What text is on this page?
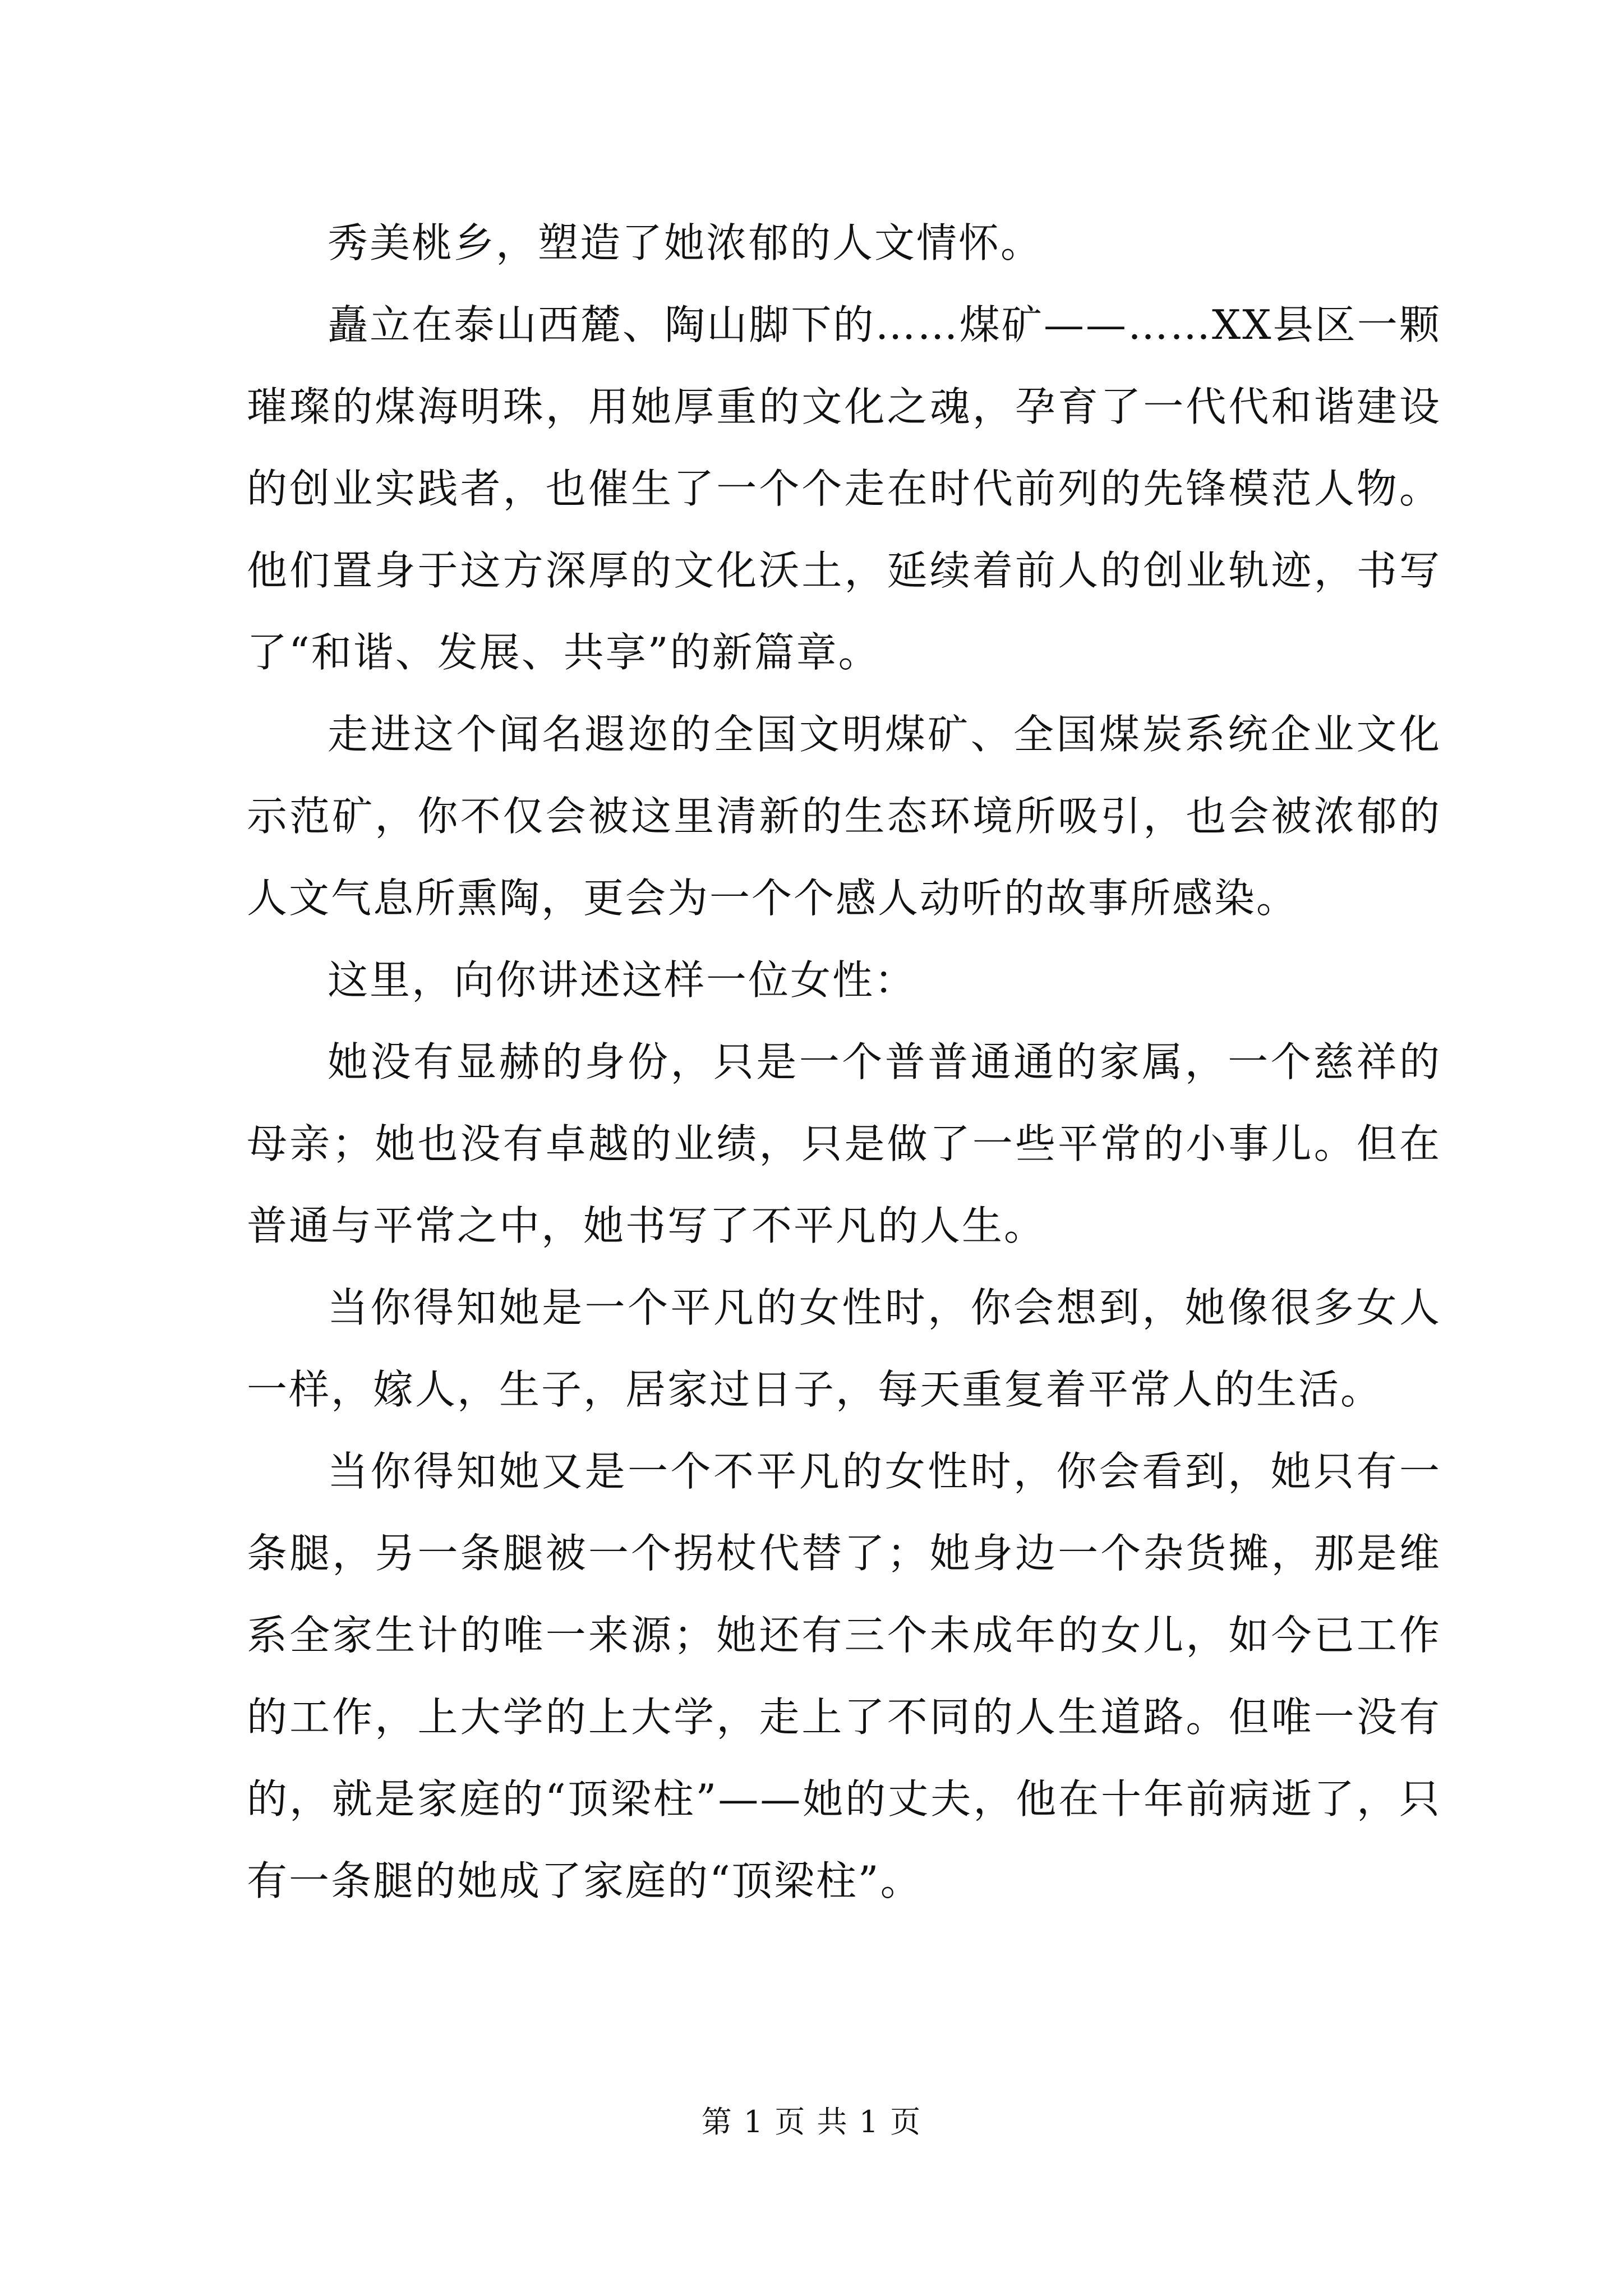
秀美桃乡，塑造了她浓郁的人文情怀。

矗立在泰山西麓、陶山脚下的……煤矿——……XX县区一颗璀璨的煤海明珠，用她厚重的文化之魂，孕育了一代代和谐建设的创业实践者，也催生了一个个走在时代前列的先锋模范人物。他们置身于这方深厚的文化沃土，延续着前人的创业轨迹，书写了“和谐、发展、共享”的新篇章。

走进这个闻名遐迩的全国文明煤矿、全国煤炭系统企业文化示范矿，你不仅会被这里清新的生态环境所吸引，也会被浓郁的人文气息所熏陶，更会为一个个感人动听的故事所感染。

这里，向你讲述这样一位女性：

她没有显赫的身份，只是一个普普通通的家属，一个慈祥的母亲；她也没有卓越的业绩，只是做了一些平常的小事儿。但在普通与平常之中，她书写了不平凡的人生。

当你得知她是一个平凡的女性时，你会想到，她像很多女人一样，嫁人，生子，居家过日子，每天重复着平常人的生活。

当你得知她又是一个不平凡的女性时，你会看到，她只有一条腿，另一条腿被一个拐杖代替了；她身边一个杂货摊，那是维系全家生计的唯一来源；她还有三个未成年的女儿，如今已工作的工作，上大学的上大学，走上了不同的人生道路。但唯一没有的，就是家庭的“顶梁柱”——她的丈夫，他在十年前病逝了，只有一条腿的她成了家庭的“顶梁柱”。

第 1 页 共 1 页
